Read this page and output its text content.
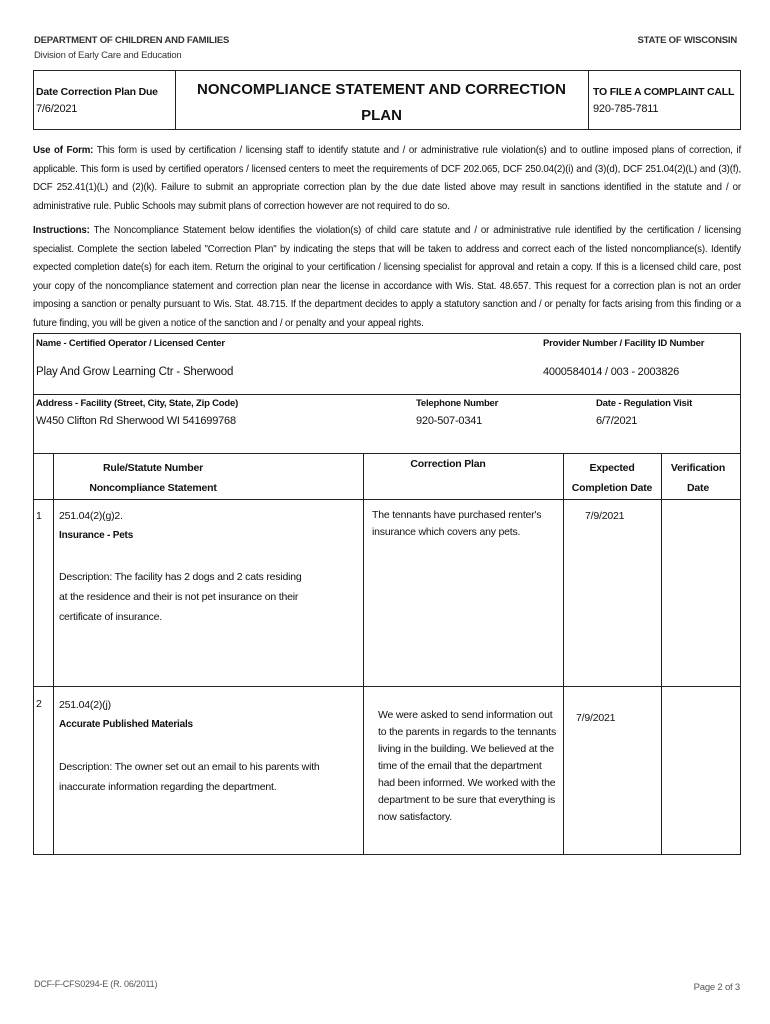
DEPARTMENT OF CHILDREN AND FAMILIES
Division of Early Care and Education
STATE OF WISCONSIN
Date Correction Plan Due
7/6/2021
NONCOMPLIANCE STATEMENT AND CORRECTION
PLAN
TO FILE A COMPLAINT CALL
920-785-7811
Use of Form: This form is used by certification / licensing staff to identify statute and / or administrative rule violation(s) and to outline imposed plans of correction, if applicable. This form is used by certified operators / licensed centers to meet the requirements of DCF 202.065, DCF 250.04(2)(i) and (3)(d), DCF 251.04(2)(L) and (3)(f), DCF 252.41(1)(L) and (2)(k). Failure to submit an appropriate correction plan by the due date listed above may result in sanctions identified in the statute and / or administrative rule. Public Schools may submit plans of correction however are not required to do so.
Instructions: The Noncompliance Statement below identifies the violation(s) of child care statute and / or administrative rule identified by the certification / licensing specialist. Complete the section labeled "Correction Plan" by indicating the steps that will be taken to address and correct each of the listed noncompliance(s). Identify expected completion date(s) for each item. Return the original to your certification / licensing specialist for approval and retain a copy. If this is a licensed child care, post your copy of the noncompliance statement and correction plan near the license in accordance with Wis. Stat. 48.657. This request for a correction plan is not an order imposing a sanction or penalty pursuant to Wis. Stat. 48.715. If the department decides to apply a statutory sanction and / or penalty for facts arising from this finding or a future finding, you will be given a notice of the sanction and / or penalty and your appeal rights.
Name - Certified Operator / Licensed Center
Play And Grow Learning Ctr - Sherwood
Provider Number / Facility ID Number
4000584014 / 003 - 2003826
Address - Facility (Street, City, State, Zip Code)
W450 Clifton Rd Sherwood WI 541699768
Telephone Number
920-507-0341
Date - Regulation Visit
6/7/2021
Rule/Statute Number
Noncompliance Statement
Correction Plan	Expected
Completion Date
Verification
Date
1 251.04(2)(g)2.
Insurance - Pets
Description: The facility has 2 dogs and 2 cats residing at the residence and their is not pet insurance on their certificate of insurance.
The tennants have purchased renter's insurance which covers any pets.
7/9/2021
2 251.04(2)(j)
Accurate Published Materials
Description: The owner set out an email to his parents with inaccurate information regarding the department.
We were asked to send information out to the parents in regards to the tennants living in the building. We believed at the time of the email that the department had been informed. We worked with the department to be sure that everything is now satisfactory.
7/9/2021
DCF-F-CFS0294-E (R. 06/2011)	Page 2 of 3
